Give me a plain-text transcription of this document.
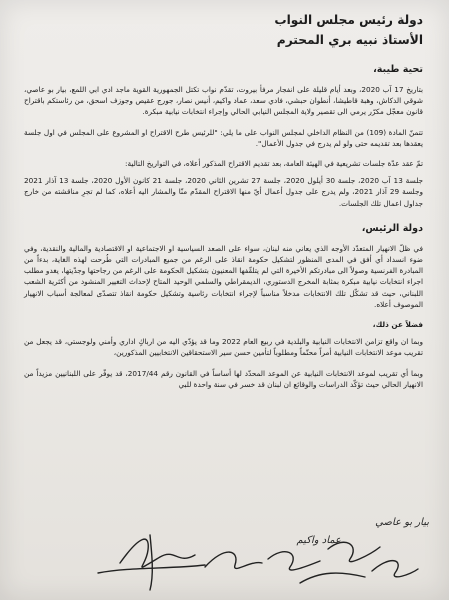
دولة رئيس مجلس النواب
الأستاذ نبيه بري المحترم
تحية طيبة،

بتاريخ 17 آب 2020، وبعد أيام قليلة على انفجار مرفأ بيروت، تقدّم نواب تكتل الجمهورية القوية ماجد ادي ابي اللمع، بيار بو عاصي، شوقي الدكاش، وهبة قاطيشا، أنطوان حبشي، فادي سعد، عماد واكيم، أنيس نصار، جورج عقيص وجوزف اسحق، من رئاستكم باقتراح قانون معجّل مكرّر يرمي الى تقصير ولاية المجلس النيابي الحالي وإجراء انتخابات نيابية مبكرة.

تتمنّ المادة (109) من النظام الداخلي لمجلس النواب على ما يلي: "للرئيس طرح الاقتراح او المشروع على المجلس في اول جلسة يعقدها بعد تقديمه حتى ولو لم يدرج في جدول الأعمال".

تمّ عقد عدّة جلسات تشريعية في الهيئة العامة، بعد تقديم الاقتراح المذكور أعلاه، في التواريخ التالية:

جلسة 13 آب 2020، جلسة 30 أيلول 2020، جلسة 27 تشرين الثاني 2020، جلسة 21 كانون الأول 2020، جلسة 13 آذار 2021 وجلسة 29 آذار 2021، ولم يدرج على جدول أعمال أيّ منها الاقتراح المقدّم منّا والمشار اليه أعلاه، كما لم تجرِ مناقشته من خارج جداول اعمال تلك الجلسات.

دولة الرئيس،

في ظلّ الانهيار المتعدّد الأوجه الذي يعاني منه لبنان، سواء على الصعد السياسية او الاجتماعية او الاقتصادية والمالية والنقدية، وفي ضوء انسداد أي أفق في المدى المنظور لتشكيل حكومة انقاذ على الرغم من جميع المبادرات التي طُرحت لهذه الغاية، بدءاً من المبادرة الفرنسية وصولاً الى مبادرتكم الأخيرة التي لم يتلقّفها المعنيون بتشكيل الحكومة على الرغم من رجاحتها وجدّيتها، يغدو مطلب اجراء انتخابات نيابية مبكرة بمثابة المخرج الدستوري، الديمقراطي والسلمي الوحيد المتاح لإحداث التغيير المنشود من أكثرية الشعب اللبناني، حيث قد تشكّل تلك الانتخابات مدخلاً مناسباً لإجراء انتخابات رئاسية وتشكيل حكومة انقاذ تتصدّى لمعالجة أسباب الانهيار الموصوف أعلاه.

فضلاً عن ذلك،

وبما ان واقع تزامن الانتخابات النيابية والبلدية في ربيع العام 2022 وما قد يؤدّي اليه من ارباكٍ اداري وأمني ولوجستي، قد يجعل من تقريب موعد الانتخابات النيابية أمراً محتّماً ومطلوباً لتأمين حسن سير الاستحقاقين الانتخابيين المذكورين،

وبما أي تقريب لموعد الانتخابات النيابية عن الموعد المحدّد لها أساساً في القانون رقم 2017/44، قد يوفّر على اللبنانيين مزيداً من الانهيار الحالي حيث تؤكّد الدراسات والوقائع ان لبنان قد خسر في سنة واحدة للبي

بيار بو عاصي
عماد واكيم
